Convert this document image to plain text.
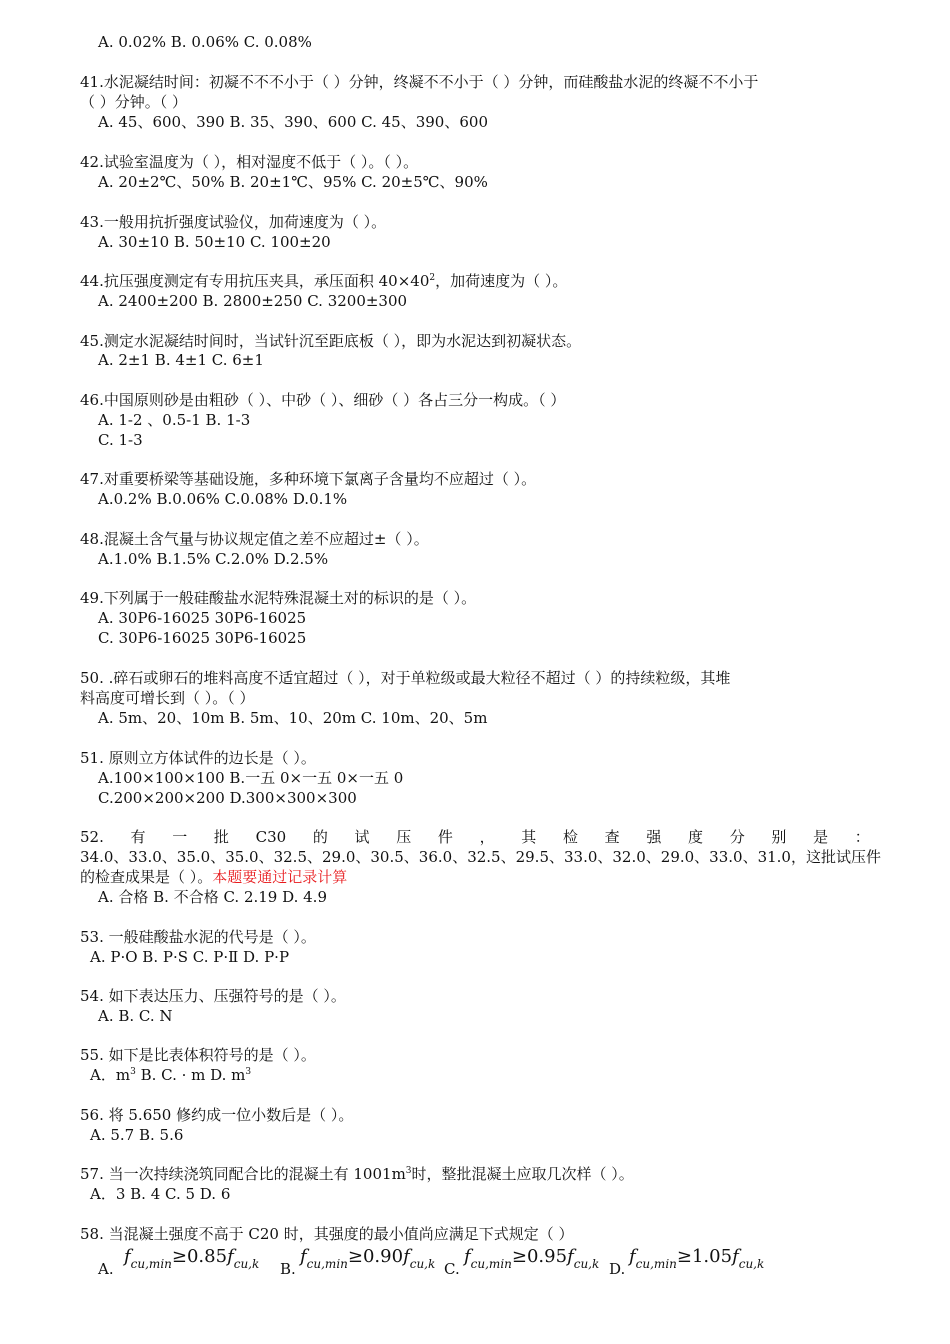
A. 0.02% B. 0.06% C. 0.08%
41.水泥凝结时间：初凝不不不小于（ ）分钟，终凝不不小于（ ）分钟，而硅酸盐水泥的终凝不不小于
（ ）分钟。（ ）
A. 45、600、390 B. 35、390、600 C. 45、390、600
42.试验室温度为（ ），相对湿度不低于（ ）。（ ）。
A. 20±2℃、50% B. 20±1℃、95% C. 20±5℃、90%
43.一般用抗折强度试验仪，加荷速度为（ ）。
A. 30±10 B. 50±10 C. 100±20
44.抗压强度测定有专用抗压夹具，承压面积 $40\times 40^2$，加荷速度为（ ）。
A. 2400±200 B. 2800±250 C. 3200±300
45.测定水泥凝结时间时，当试针沉至距底板（ ），即为水泥达到初凝状态。
A. 2±1 B. 4±1 C. 6±1
46.中国原则砂是由粗砂（ ）、中砂（ ）、细砂（ ）各占三分一构成。（ ）
A. 1-2 、0.5-1 B. 1-3
C. 1-3
47.对重要桥梁等基础设施，多种环境下氯离子含量均不应超过（ ）。
A.0.2% B.0.06% C.0.08% D.0.1%
48.混凝土含气量与协议规定值之差不应超过±（ ）。
A.1.0% B.1.5% C.2.0% D.2.5%
49.下列属于一般硅酸盐水泥特殊混凝土对的标识的是（ ）。
A. 30P6-16025 30P6-16025
C. 30P6-16025 30P6-16025
50. .碎石或卵石的堆料高度不适宜超过（ ），对于单粒级或最大粒径不超过（ ）的持续粒级，其堆
料高度可增长到（ ）。（ ）
A. 5m、20、10m B. 5m、10、20m C. 10m、20、5m
51. 原则立方体试件的边长是（ ）。
A.100×100×100 B.一五 0×一五 0×一五 0
C.200×200×200 D.300×300×300
52. 有 一 批 C30 的 试 压 件 ， 其 检 查 强 度 分 别 是 ：
34.0、33.0、35.0、35.0、32.5、29.0、30.5、36.0、32.5、29.5、33.0、32.0、29.0、33.0、31.0，这批试压件
的检查成果是（ ）。本题要通过记录计算
A. 合格 B. 不合格 C. 2.19 D. 4.9
53. 一般硅酸盐水泥的代号是（ ）。
A. P·O B. P·S C. P·Ⅱ D. P·P
54. 如下表达压力、压强符号的是（ ）。
A. B. C. N
55. 如下是比表体积符号的是（ ）。
A．$m^3$ B. C. · m D. $m^3$
56. 将 5.650 修约成一位小数后是（ ）。
A. 5.7 B. 5.6
57. 当一次持续浇筑同配合比的混凝土有 $1001m^3$时，整批混凝土应取几次样（ ）。
A．3 B. 4 C. 5 D. 6
58. 当混凝土强度不高于 C20 时，其强度的最小值尚应满足下式规定（ ）
A.
$f_{cu,min}\ge 0.85f_{cu,k}$ B.
$f_{cu,min}\ge 0.90f_{cu,k}$ C.
$f_{cu,min}\ge 0.95f_{cu,k}$ D.
$f_{cu,min}\ge 1.05f_{cu,k}$
